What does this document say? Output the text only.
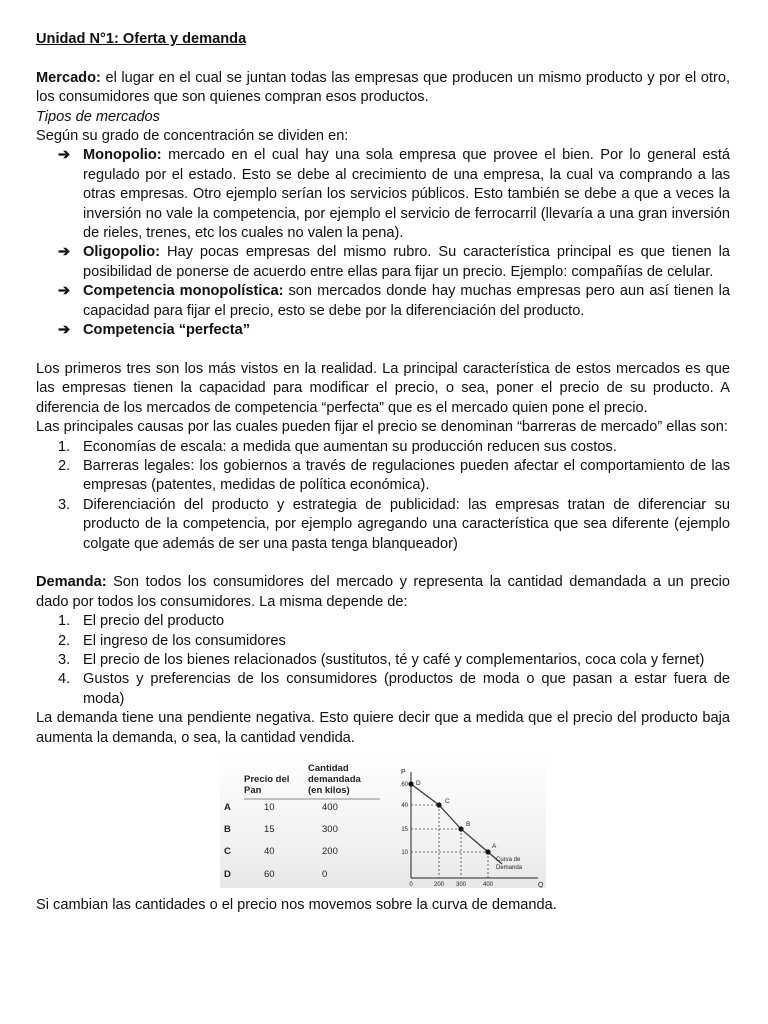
Unidad N°1: Oferta y demanda

Mercado: el lugar en el cual se juntan todas las empresas que producen un mismo producto y por el otro, los consumidores que son quienes compran esos productos.

Tipos de mercados

Según su grado de concentración se dividen en:

➔ Monopolio: mercado en el cual hay una sola empresa que provee el bien. Por lo general está regulado por el estado. Esto se debe al crecimiento de una empresa, la cual va comprando a las otras empresas. Otro ejemplo serían los servicios públicos. Esto también se debe a que a veces la inversión no vale la competencia, por ejemplo el servicio de ferrocarril (llevaría a una gran inversión de rieles, trenes, etc los cuales no valen la pena).
➔ Oligopolio: Hay pocas empresas del mismo rubro. Su característica principal es que tienen la posibilidad de ponerse de acuerdo entre ellas para fijar un precio. Ejemplo: compañías de celular.
➔ Competencia monopolística: son mercados donde hay muchas empresas pero aun así tienen la capacidad para fijar el precio, esto se debe por la diferenciación del producto.
➔ Competencia “perfecta”

Los primeros tres son los más vistos en la realidad. La principal característica de estos mercados es que las empresas tienen la capacidad para modificar el precio, o sea, poner el precio de su producto. A diferencia de los mercados de competencia “perfecta” que es el mercado quien pone el precio.

Las principales causas por las cuales pueden fijar el precio se denominan “barreras de mercado” ellas son:

1. Economías de escala: a medida que aumentan su producción reducen sus costos.
2. Barreras legales: los gobiernos a través de regulaciones pueden afectar el comportamiento de las empresas (patentes, medidas de política económica).
3. Diferenciación del producto y estrategia de publicidad: las empresas tratan de diferenciar su producto de la competencia, por ejemplo agregando una característica que sea diferente (ejemplo colgate que además de ser una pasta tenga blanqueador)

Demanda: Son todos los consumidores del mercado y representa la cantidad demandada a un precio dado por todos los consumidores. La misma depende de:

1. El precio del producto
2. El ingreso de los consumidores
3. El precio de los bienes relacionados (sustitutos, té y café y complementarios, coca cola y fernet)
4. Gustos y preferencias de los consumidores (productos de moda o que pasan a estar fuera de moda)

La demanda tiene una pendiente negativa. Esto quiere decir que a medida que el precio del producto baja aumenta la demanda, o sea, la cantidad vendida.

Precio del
Pan
Cantidad
demandada
(en kilos)
A	10	400
B	15	300
C	40	200
D	60	0
P
Q
D
C
B
A
60
40
15
10
0	200 300	400
Curva de
Demanda

Si cambian las cantidades o el precio nos movemos sobre la curva de demanda.
